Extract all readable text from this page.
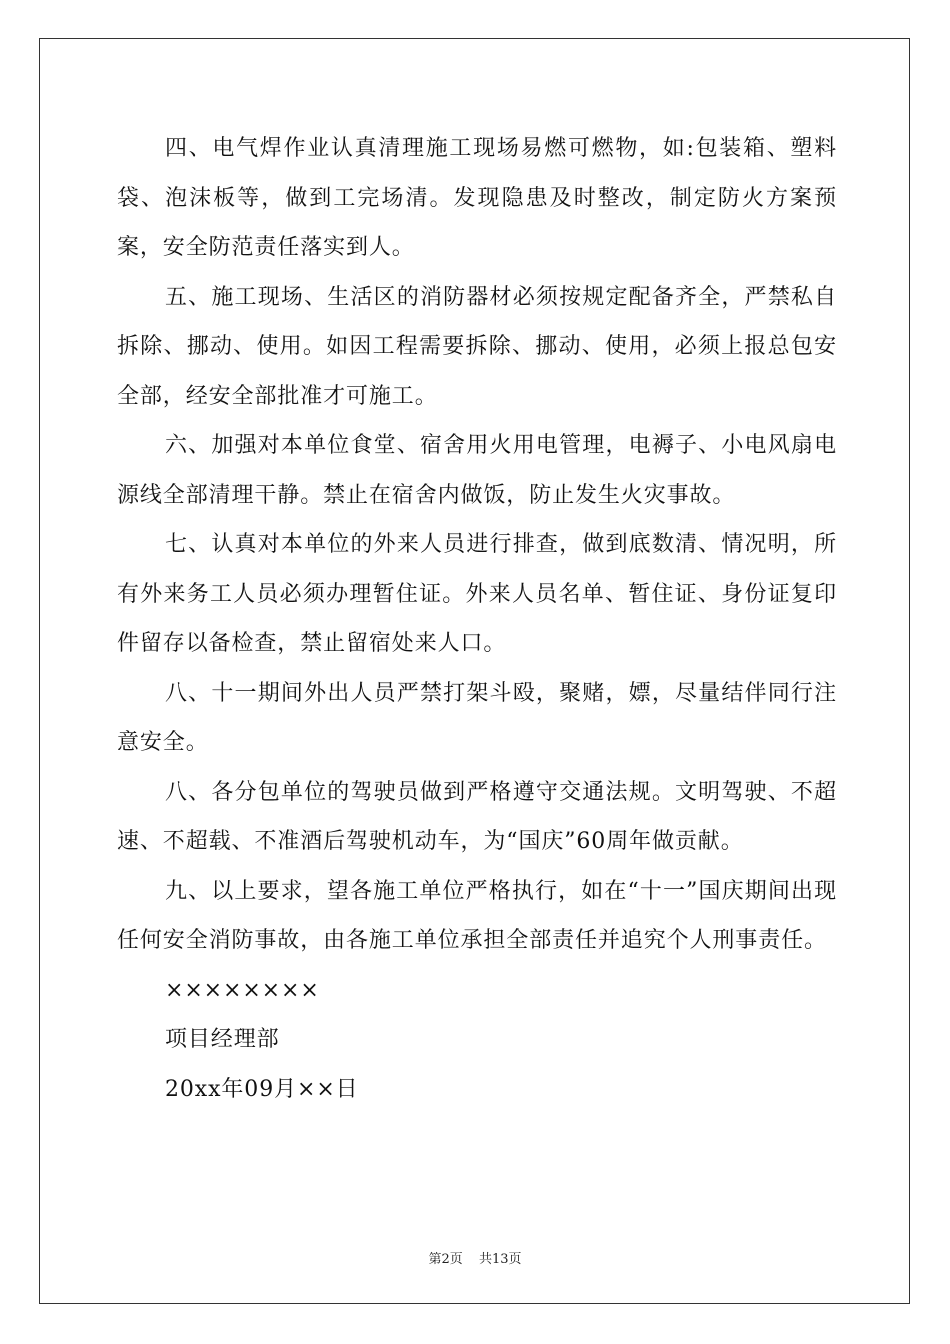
四、电气焊作业认真清理施工现场易燃可燃物，如:包装箱、塑料袋、泡沫板等，做到工完场清。发现隐患及时整改，制定防火方案预案，安全防范责任落实到人。

五、施工现场、生活区的消防器材必须按规定配备齐全，严禁私自拆除、挪动、使用。如因工程需要拆除、挪动、使用，必须上报总包安全部，经安全部批准才可施工。

六、加强对本单位食堂、宿舍用火用电管理，电褥子、小电风扇电源线全部清理干静。禁止在宿舍内做饭，防止发生火灾事故。

七、认真对本单位的外来人员进行排查，做到底数清、情况明，所有外来务工人员必须办理暂住证。外来人员名单、暂住证、身份证复印件留存以备检查，禁止留宿处来人口。

八、十一期间外出人员严禁打架斗殴，聚赌，嫖，尽量结伴同行注意安全。

八、各分包单位的驾驶员做到严格遵守交通法规。文明驾驶、不超速、不超载、不准酒后驾驶机动车，为“国庆”60周年做贡献。

九、以上要求，望各施工单位严格执行，如在“十一”国庆期间出现任何安全消防事故，由各施工单位承担全部责任并追究个人刑事责任。

××××××××

项目经理部

20xx年09月××日

第2页 共13页
